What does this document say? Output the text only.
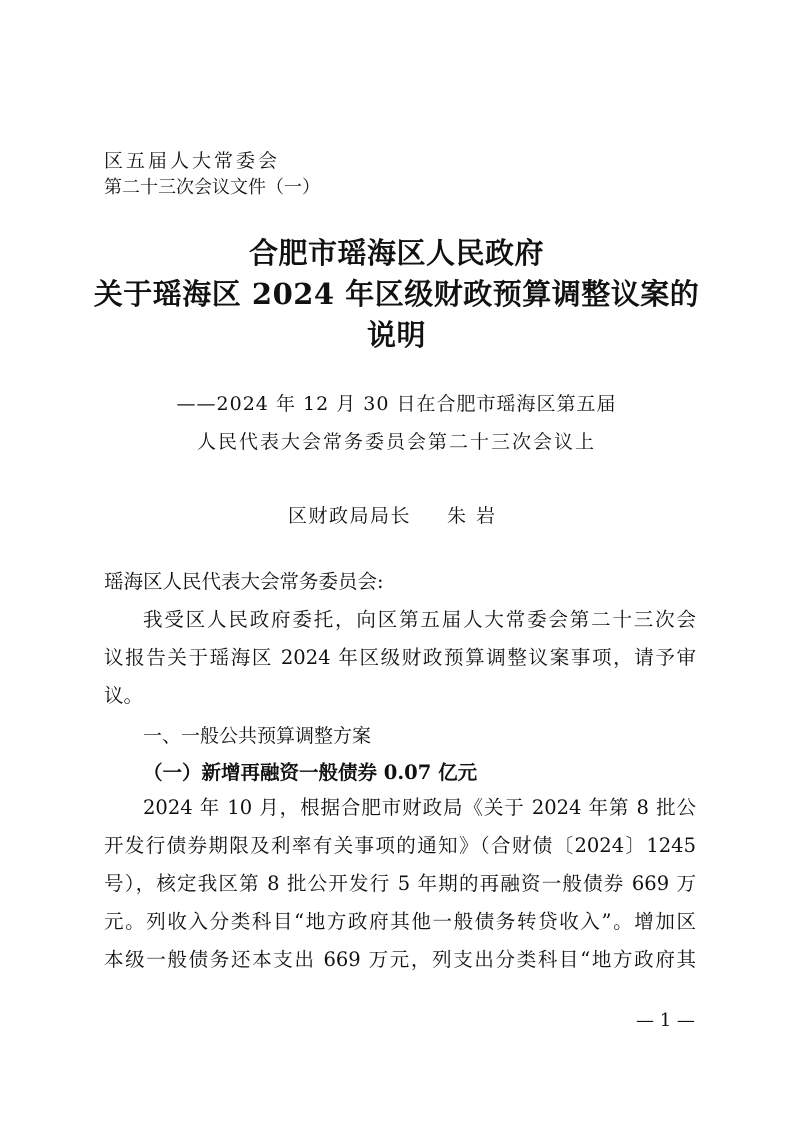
区五届人大常委会
第二十三次会议文件（一）
合肥市瑶海区人民政府
关于瑶海区 2024 年区级财政预算调整议案的
说明
——2024 年 12 月 30 日在合肥市瑶海区第五届
人民代表大会常务委员会第二十三次会议上
区财政局局长 朱岩
瑶海区人民代表大会常务委员会:
我受区人民政府委托，向区第五届人大常委会第二十三次会
议报告关于瑶海区 2024 年区级财政预算调整议案事项，请予审
议。
一、一般公共预算调整方案
（一）新增再融资一般债券 0.07 亿元
2024 年 10 月，根据合肥市财政局《关于 2024 年第 8 批公
开发行债券期限及利率有关事项的通知》（合财债〔2024〕1245
号），核定我区第 8 批公开发行 5 年期的再融资一般债券 669 万
元。列收入分类科目“地方政府其他一般债务转贷收入”。增加区
本级一般债务还本支出 669 万元，列支出分类科目“地方政府其
— 1 —
